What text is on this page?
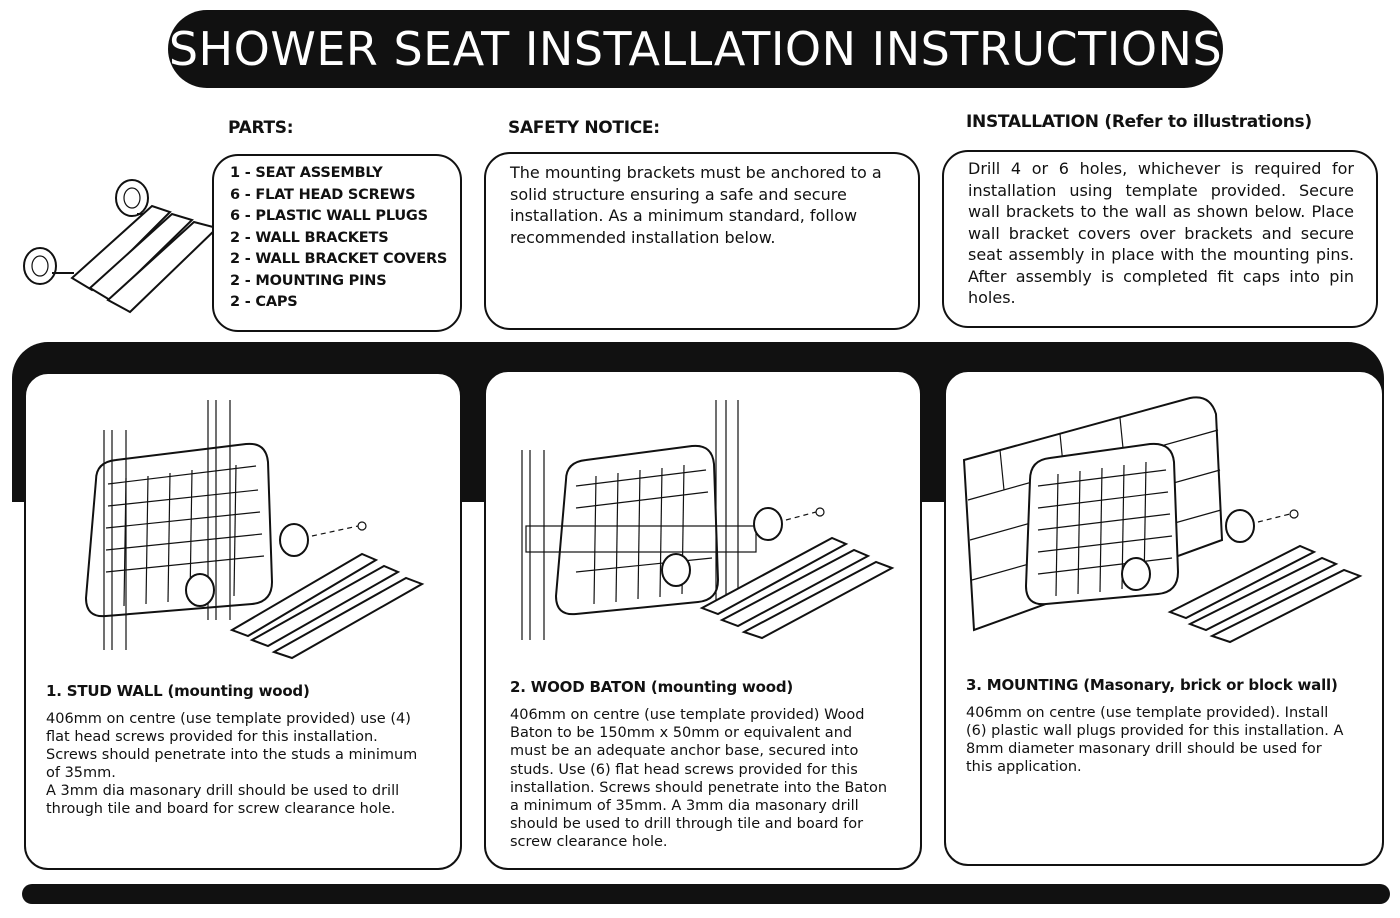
SHOWER SEAT INSTALLATION INSTRUCTIONS
PARTS:	SAFETY NOTICE:	INSTALLATION (Refer to illustrations)
1 - SEAT ASSEMBLY
6 - FLAT HEAD SCREWS
6 - PLASTIC WALL PLUGS
2 - WALL BRACKETS
2 - WALL BRACKET COVERS
2 - MOUNTING PINS
2 - CAPS

The mounting brackets must be anchored to a solid structure ensuring a safe and secure installation. As a minimum standard, follow recommended installation below.

Drill 4 or 6 holes, whichever is required for installation using template provided. Secure wall brackets to the wall as shown below. Place wall bracket covers over brackets and secure seat assembly in place with the mounting pins. After assembly is completed fit caps into pin holes.

1. STUD WALL (mounting wood)

406mm on centre (use template provided) use (4) flat head screws provided for this installation. Screws should penetrate into the studs a minimum of 35mm.
A 3mm dia masonary drill should be used to drill through tile and board for screw clearance hole.

2. WOOD BATON (mounting wood)

406mm on centre (use template provided) Wood Baton to be 150mm x 50mm or equivalent and must be an adequate anchor base, secured into studs. Use (6) flat head screws provided for this installation. Screws should penetrate into the Baton a minimum of 35mm. A 3mm dia masonary drill should be used to drill through tile and board for screw clearance hole.

3. MOUNTING (Masonary, brick or block wall)

406mm on centre (use template provided). Install (6) plastic wall plugs provided for this installation. A 8mm diameter masonary drill should be used for this application.
